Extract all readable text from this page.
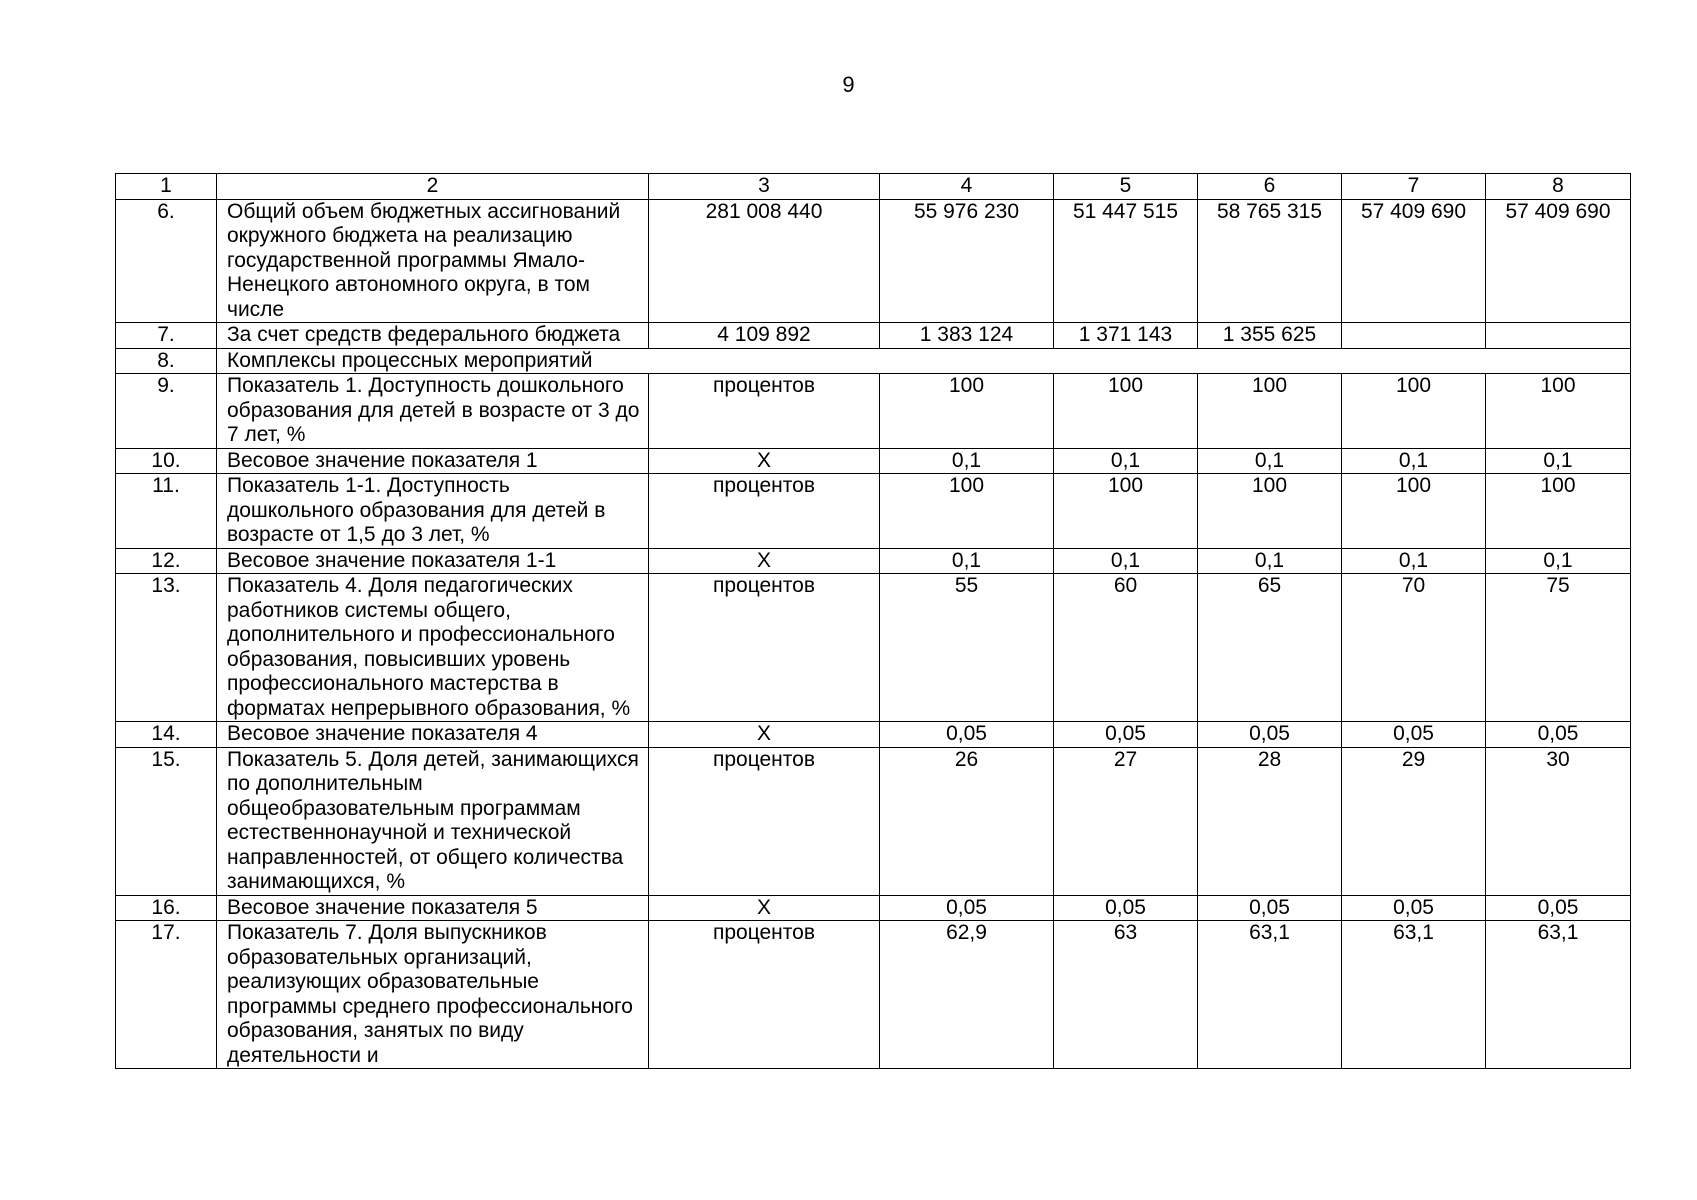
9
1	2	3	4	5	6	7	8
6.	Общий объем бюджетных ассигнований окружного бюджета на реализацию государственной программы Ямало-Ненецкого автономного округа, в том числе	281 008 440	55 976 230	51 447 515	58 765 315	57 409 690	57 409 690
7.	За счет средств федерального бюджета	4 109 892	1 383 124	1 371 143	1 355 625		
8.	Комплексы процессных мероприятий						
9.	Показатель 1. Доступность дошкольного образования для детей в возрасте от 3 до 7 лет, %	процентов	100	100	100	100	100
10.	Весовое значение показателя 1	Х	0,1	0,1	0,1	0,1	0,1
11.	Показатель 1-1. Доступность дошкольного образования для детей в возрасте от 1,5 до 3 лет, %	процентов	100	100	100	100	100
12.	Весовое значение показателя 1-1	Х	0,1	0,1	0,1	0,1	0,1
13.	Показатель 4. Доля педагогических работников системы общего, дополнительного и профессионального образования, повысивших уровень профессионального мастерства в форматах непрерывного образования, %	процентов	55	60	65	70	75
14.	Весовое значение показателя 4	Х	0,05	0,05	0,05	0,05	0,05
15.	Показатель 5. Доля детей, занимающихся по дополнительным общеобразовательным программам естественнонаучной и технической направленностей, от общего количества занимающихся, %	процентов	26	27	28	29	30
16.	Весовое значение показателя 5	Х	0,05	0,05	0,05	0,05	0,05
17.	Показатель 7. Доля выпускников образовательных организаций, реализующих образовательные программы среднего профессионального образования, занятых по виду деятельности и	процентов	62,9	63	63,1	63,1	63,1
